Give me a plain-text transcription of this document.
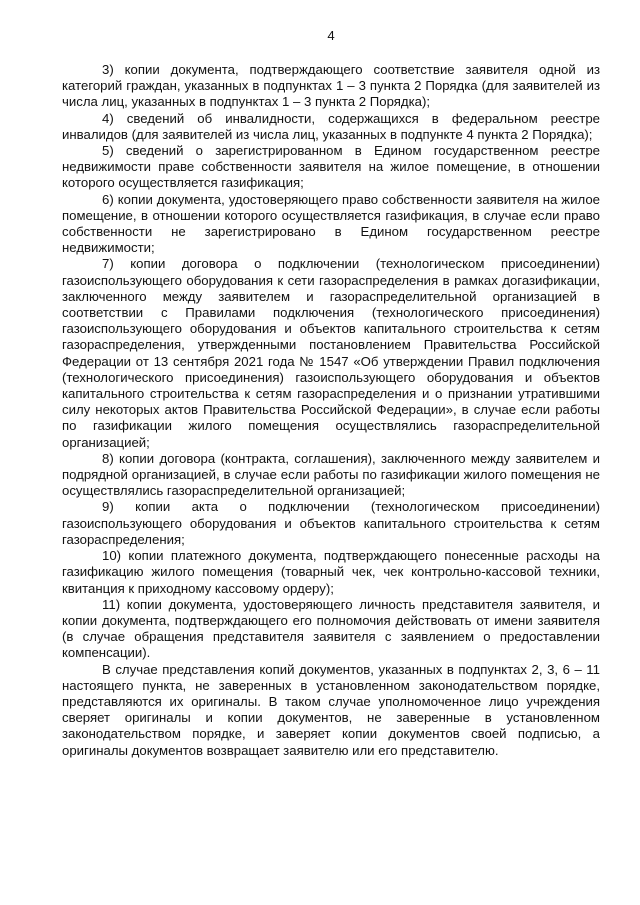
4

3) копии документа, подтверждающего соответствие заявителя одной из категорий граждан, указанных в подпунктах 1 – 3 пункта 2 Порядка (для заявителей из числа лиц, указанных в подпунктах 1 – 3 пункта 2 Порядка);

4) сведений об инвалидности, содержащихся в федеральном реестре инвалидов (для заявителей из числа лиц, указанных в подпункте 4 пункта 2 Порядка);

5) сведений о зарегистрированном в Едином государственном реестре недвижимости праве собственности заявителя на жилое помещение, в отношении которого осуществляется газификация;

6) копии документа, удостоверяющего право собственности заявителя на жилое помещение, в отношении которого осуществляется газификация, в случае если право собственности не зарегистрировано в Едином государственном реестре недвижимости;

7) копии договора о подключении (технологическом присоединении) газоиспользующего оборудования к сети газораспределения в рамках догазификации, заключенного между заявителем и газораспределительной организацией в соответствии с Правилами подключения (технологического присоединения) газоиспользующего оборудования и объектов капитального строительства к сетям газораспределения, утвержденными постановлением Правительства Российской Федерации от 13 сентября 2021 года № 1547 «Об утверждении Правил подключения (технологического присоединения) газоиспользующего оборудования и объектов капитального строительства к сетям газораспределения и о признании утратившими силу некоторых актов Правительства Российской Федерации», в случае если работы по газификации жилого помещения осуществлялись газораспределительной организацией;

8) копии договора (контракта, соглашения), заключенного между заявителем и подрядной организацией, в случае если работы по газификации жилого помещения не осуществлялись газораспределительной организацией;

9) копии акта о подключении (технологическом присоединении) газоиспользующего оборудования и объектов капитального строительства к сетям газораспределения;

10) копии платежного документа, подтверждающего понесенные расходы на газификацию жилого помещения (товарный чек, чек контрольно-кассовой техники, квитанция к приходному кассовому ордеру);

11) копии документа, удостоверяющего личность представителя заявителя, и копии документа, подтверждающего его полномочия действовать от имени заявителя (в случае обращения представителя заявителя с заявлением о предоставлении компенсации).

В случае представления копий документов, указанных в подпунктах 2, 3, 6 – 11 настоящего пункта, не заверенных в установленном законодательством порядке, представляются их оригиналы. В таком случае уполномоченное лицо учреждения сверяет оригиналы и копии документов, не заверенные в установленном законодательством порядке, и заверяет копии документов своей подписью, а оригиналы документов возвращает заявителю или его представителю.
